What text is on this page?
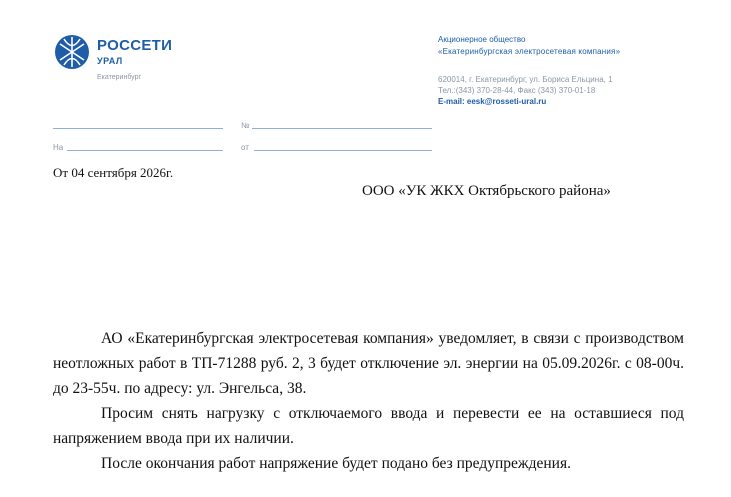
РОССЕТИ
УРАЛ
Екатеринбург
Акционерное общество
«Екатеринбургская электросетевая компания»
620014, г. Екатеринбург, ул. Бориса Ельцина, 1
Тел.:(343) 370-28-44, Факс (343) 370-01-18
E-mail: eesk@rosseti-ural.ru
№
На	от
От 04 сентября 2026г.
ООО «УК ЖКХ Октябрьского района»

АО «Екатеринбургская электросетевая компания» уведомляет, в связи с производством неотложных работ в ТП-71288 руб. 2, 3 будет отключение эл. энергии на 05.09.2026г. с 08-00ч. до 23-55ч. по адресу: ул. Энгельса, 38.

Просим снять нагрузку с отключаемого ввода и перевести ее на оставшиеся под напряжением ввода при их наличии.

После окончания работ напряжение будет подано без предупреждения.
